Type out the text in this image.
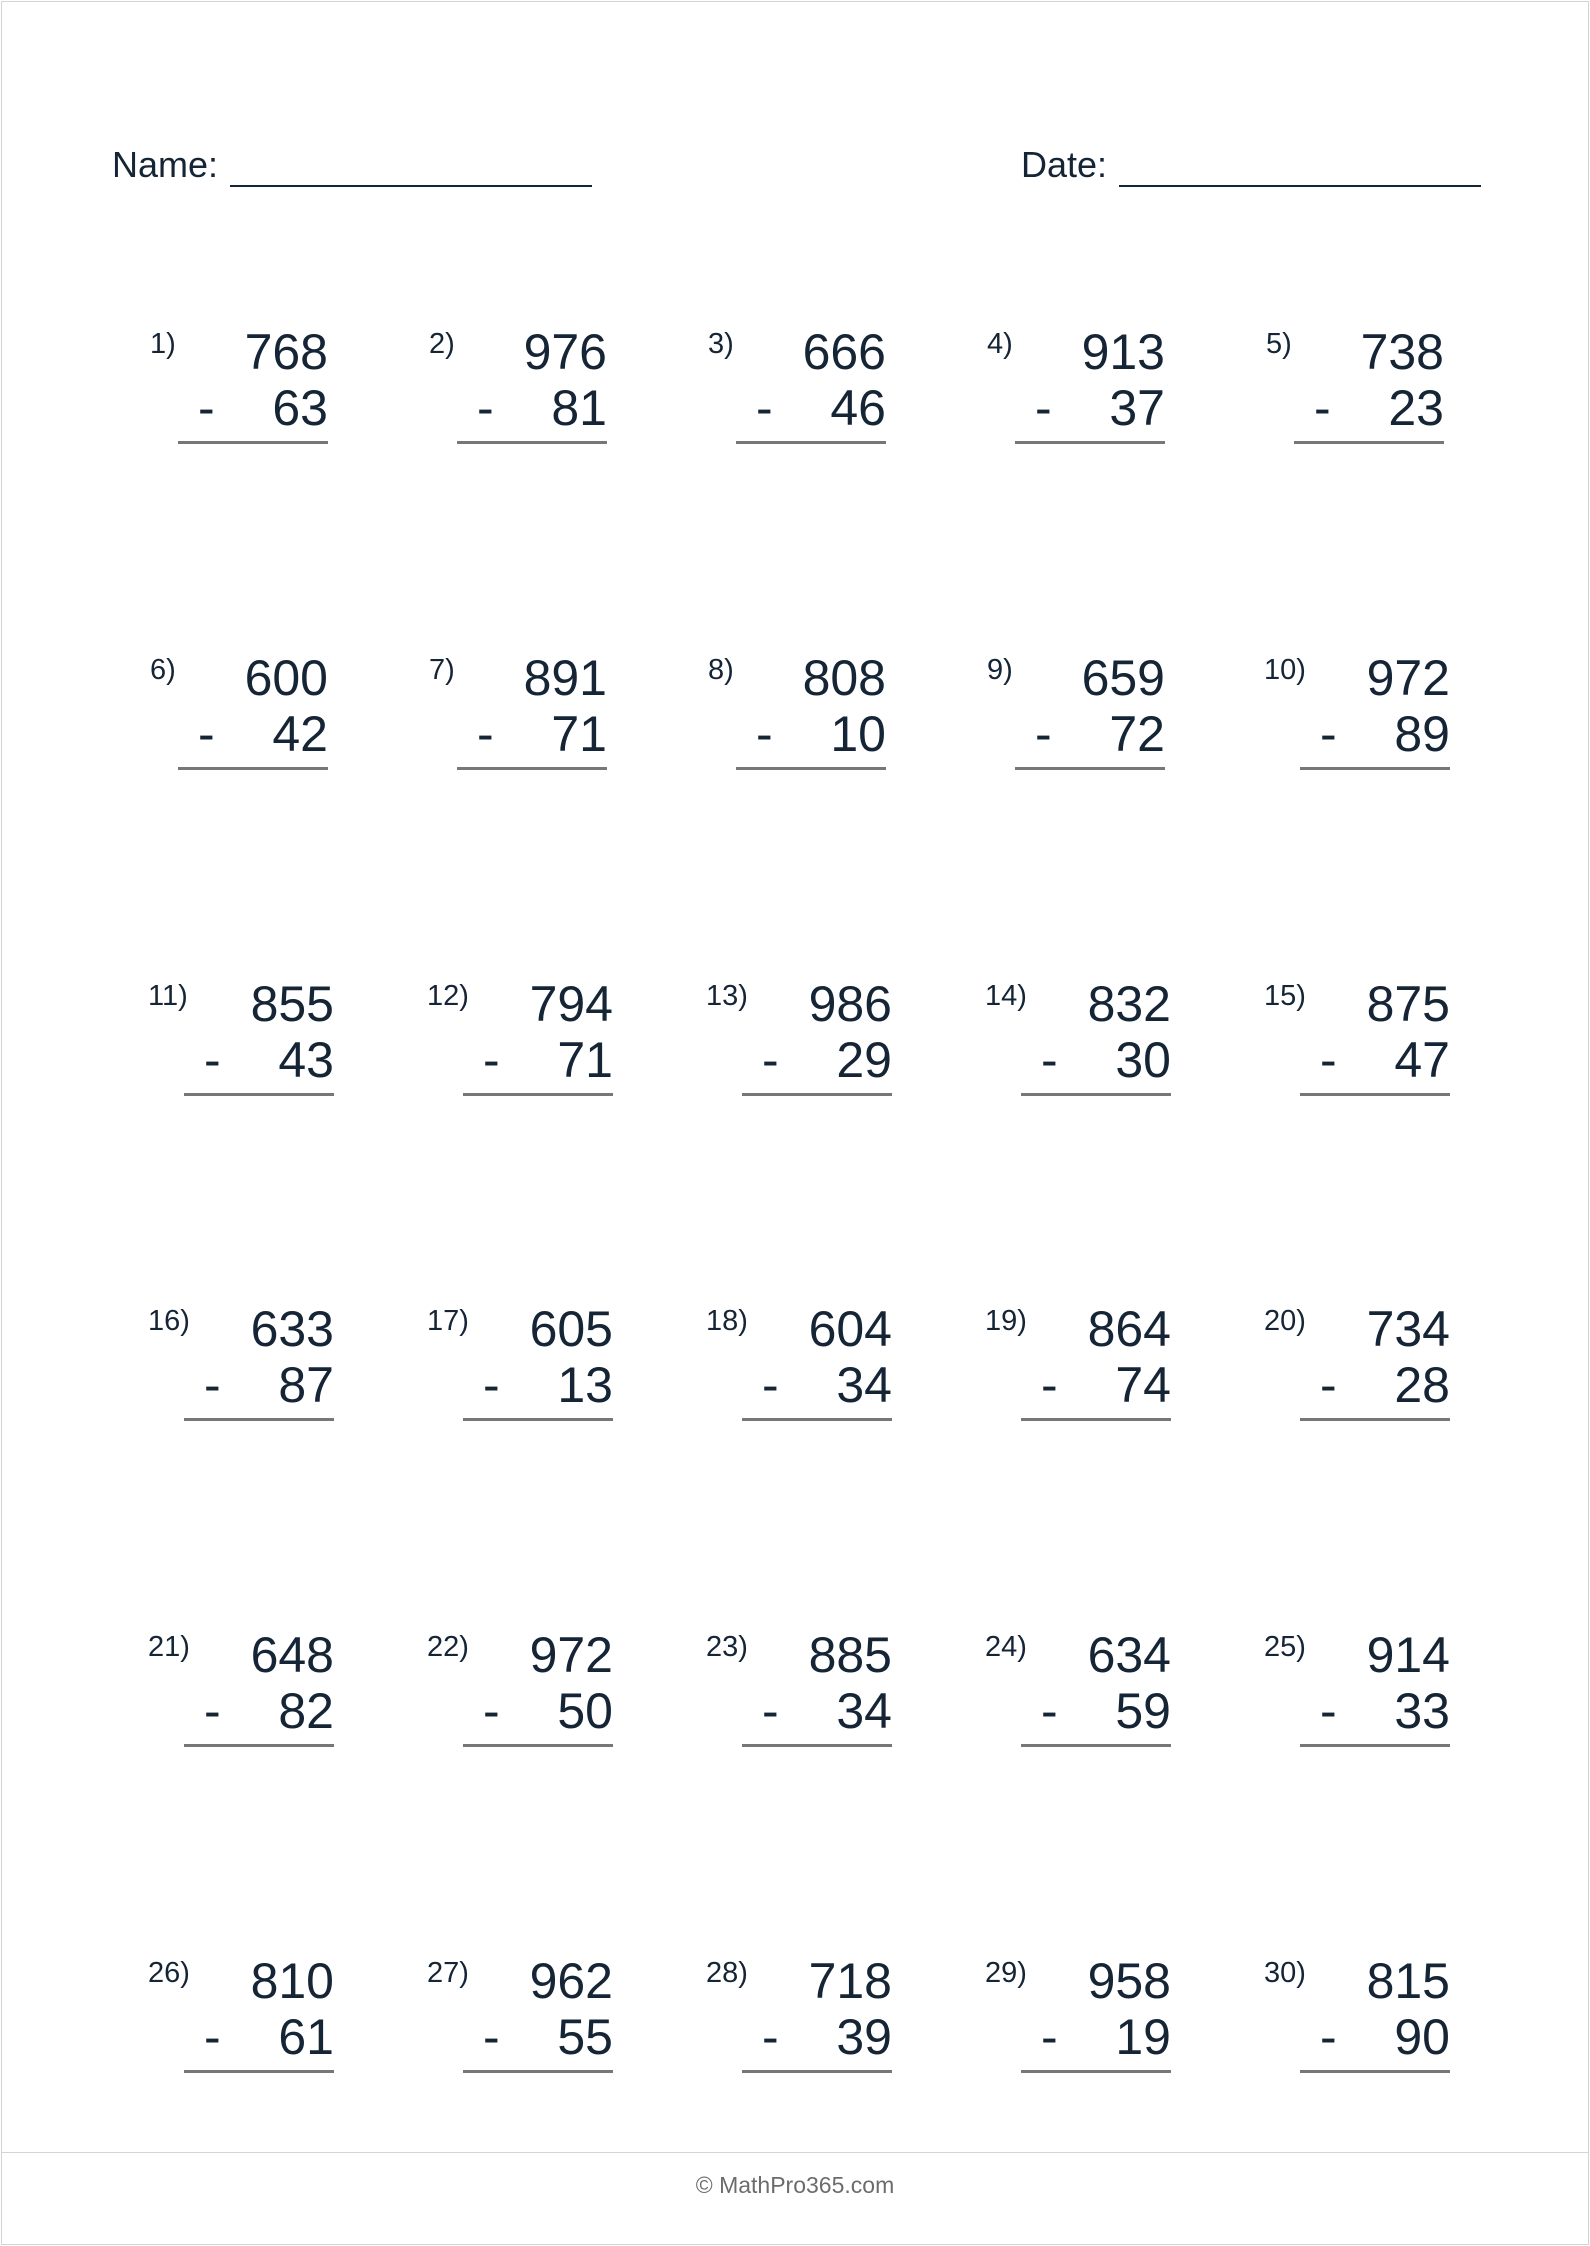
Name:	Date:
1) 768
- 63
2) 976
- 81
3) 666
- 46
4) 913
- 37
5) 738
- 23
6) 600
- 42
7) 891
- 71
8) 808
- 10
9) 659
- 72
10) 972
- 89
11) 855
- 43
12) 794
- 71
13) 986
- 29
14) 832
- 30
15) 875
- 47
16) 633
- 87
17) 605
- 13
18) 604
- 34
19) 864
- 74
20) 734
- 28
21) 648
- 82
22) 972
- 50
23) 885
- 34
24) 634
- 59
25) 914
- 33
26) 810
- 61
27) 962
- 55
28) 718
- 39
29) 958
- 19
30) 815
- 90
© MathPro365.com
